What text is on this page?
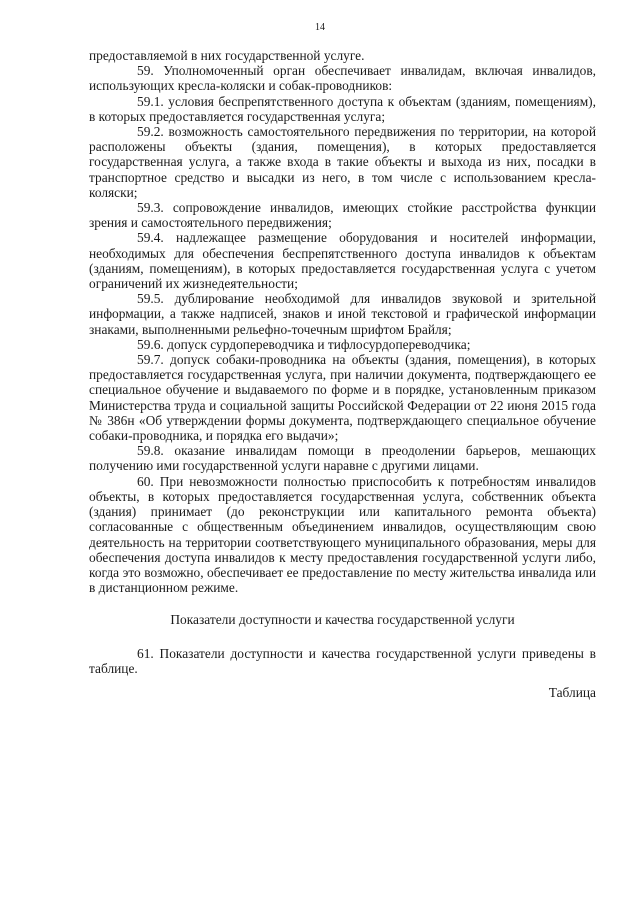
14

предоставляемой в них государственной услуге.

59. Уполномоченный орган обеспечивает инвалидам, включая инвалидов, использующих кресла-коляски и собак-проводников:

59.1. условия беспрепятственного доступа к объектам (зданиям, помещениям), в которых предоставляется государственная услуга;

59.2. возможность самостоятельного передвижения по территории, на которой расположены объекты (здания, помещения), в которых предоставляется государственная услуга, а также входа в такие объекты и выхода из них, посадки в транспортное средство и высадки из него, в том числе с использованием кресла-коляски;

59.3. сопровождение инвалидов, имеющих стойкие расстройства функции зрения и самостоятельного передвижения;

59.4. надлежащее размещение оборудования и носителей информации, необходимых для обеспечения беспрепятственного доступа инвалидов к объектам (зданиям, помещениям), в которых предоставляется государственная услуга с учетом ограничений их жизнедеятельности;

59.5. дублирование необходимой для инвалидов звуковой и зрительной информации, а также надписей, знаков и иной текстовой и графической информации знаками, выполненными рельефно-точечным шрифтом Брайля;

59.6. допуск сурдопереводчика и тифлосурдопереводчика;

59.7. допуск собаки-проводника на объекты (здания, помещения), в которых предоставляется государственная услуга, при наличии документа, подтверждающего ее специальное обучение и выдаваемого по форме и в порядке, установленным приказом Министерства труда и социальной защиты Российской Федерации от 22 июня 2015 года № 386н «Об утверждении формы документа, подтверждающего специальное обучение собаки-проводника, и порядка его выдачи»;

59.8. оказание инвалидам помощи в преодолении барьеров, мешающих получению ими государственной услуги наравне с другими лицами.

60. При невозможности полностью приспособить к потребностям инвалидов объекты, в которых предоставляется государственная услуга, собственник объекта (здания) принимает (до реконструкции или капитального ремонта объекта) согласованные с общественным объединением инвалидов, осуществляющим свою деятельность на территории соответствующего муниципального образования, меры для обеспечения доступа инвалидов к месту предоставления государственной услуги либо, когда это возможно, обеспечивает ее предоставление по месту жительства инвалида или в дистанционном режиме.

Показатели доступности и качества государственной услуги

61. Показатели доступности и качества государственной услуги приведены в таблице.

Таблица
